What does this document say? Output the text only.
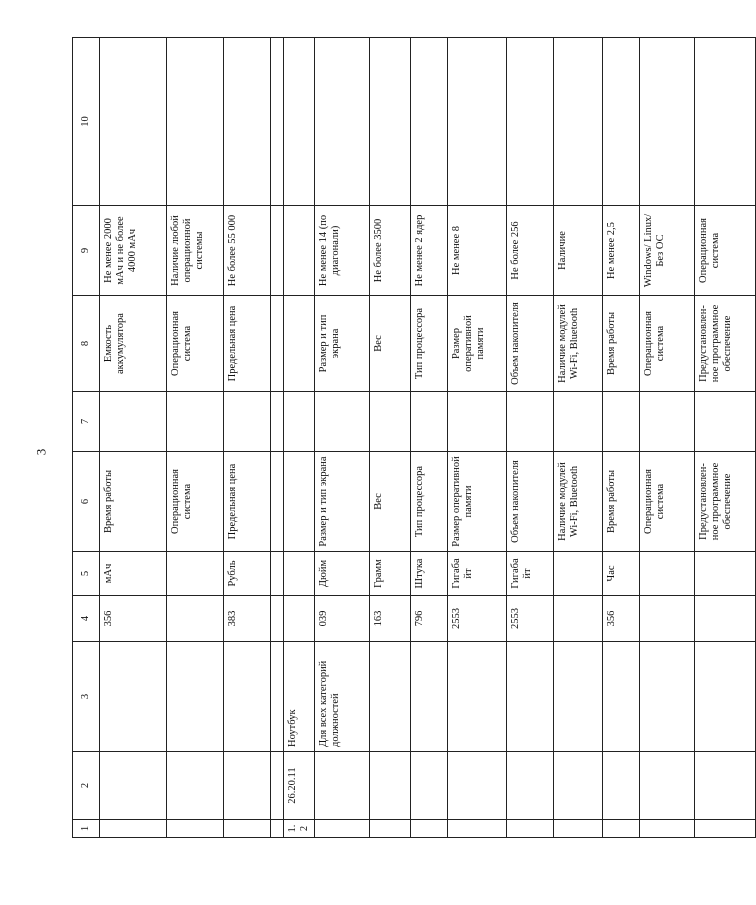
3
1	2	3	4	5	6	7	8	9	10
			356	мАч	Время работы		Емкость аккумулятора	Не менее 2000 мАч и не более 4000 мАч	
					Операционная система		Операционная система	Наличие любой операционной системы	
			383	Рубль	Предельная цена		Предельная цена	Не более 55 000	

1.2	26.20.11	Ноутбук							
		Для всех категорий должностей	039	Дюйм	Размер и тип экрана		Размер и тип экрана	Не менее 14 (по диагонали)	
			163	Грамм	Вес		Вес	Не более 3500	
			796	Штука	Тип процессора		Тип процессора	Не менее 2 ядер	
			2553	Гигабайт	Размер оперативной памяти		Размер оперативной памяти	Не менее 8	
			2553	Гигабайт	Объем накопителя		Объем накопителя	Не более 256	
					Наличие модулей Wi-Fi, Bluetooth		Наличие модулей Wi-Fi, Bluetooth	Наличие	
			356	Час	Время работы		Время работы	Не менее 2,5	
					Операционная система		Операционная система	Windows/ Linux/Без ОС	
					Предустановлен-ное программное обеспечение		Предустановлен-ное программное обеспечение	Операционная система	
